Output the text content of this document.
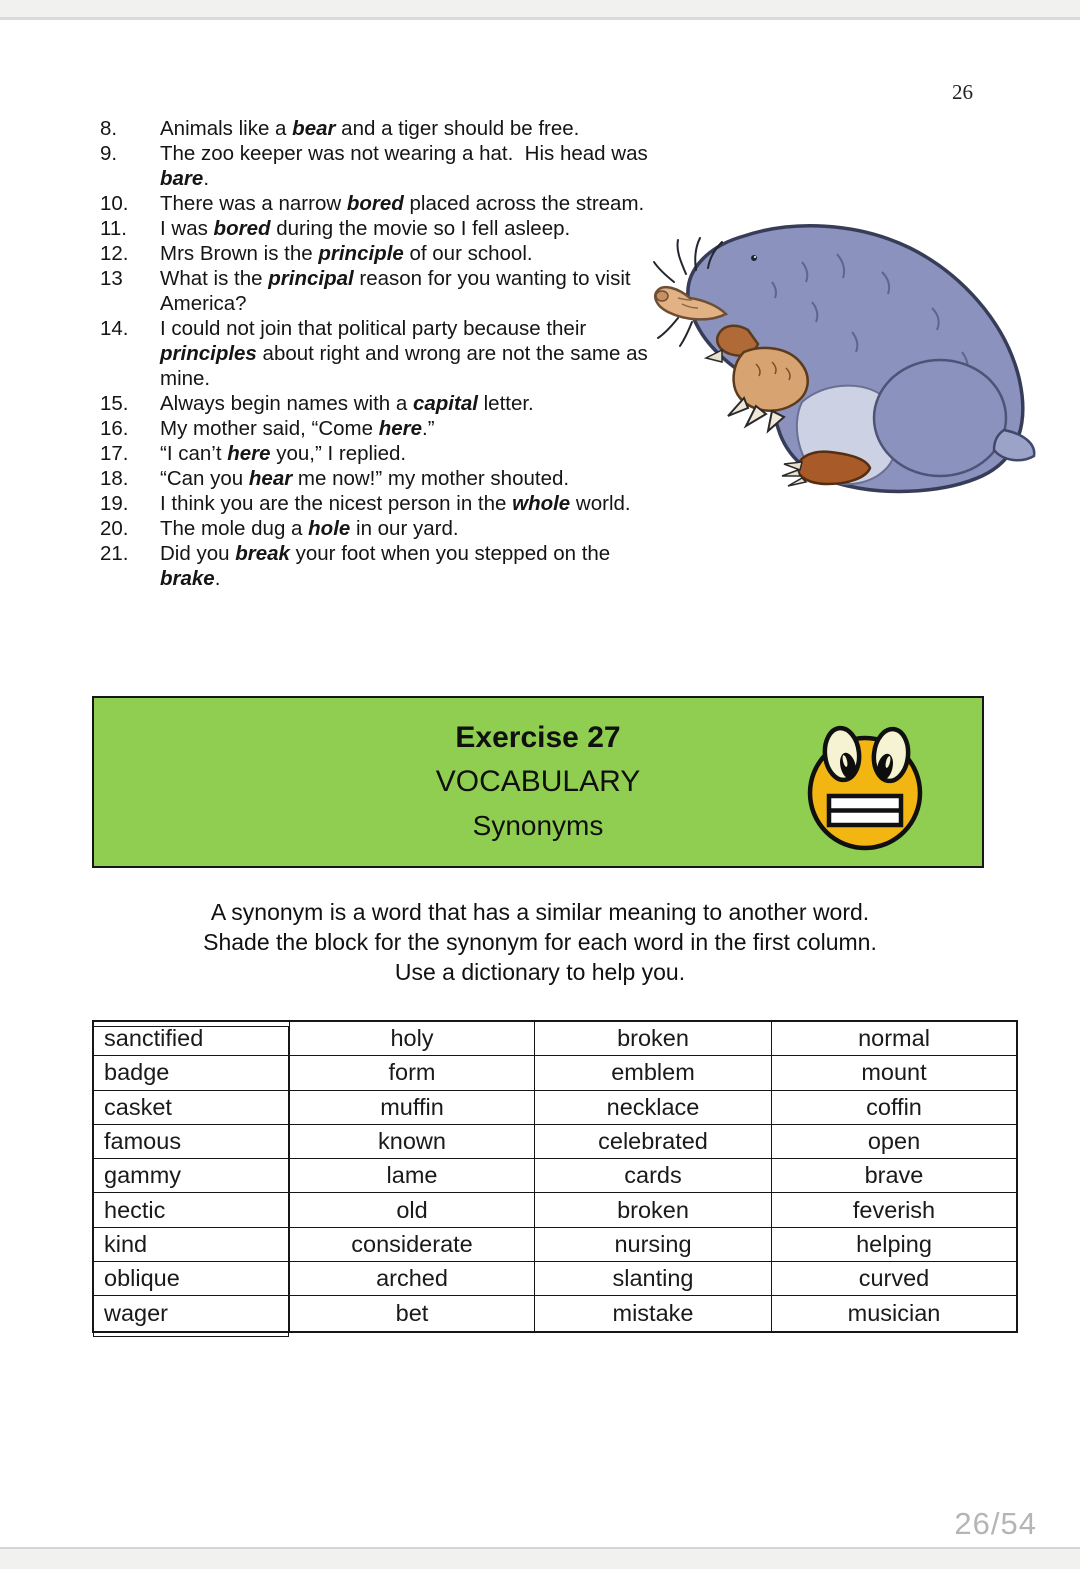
26
8.	Animals like a bear and a tiger should be free.
9.	The zoo keeper was not wearing a hat.  His head was bare.
10.	There was a narrow bored placed across the stream.
11.	I was bored during the movie so I fell asleep.
12.	Mrs Brown is the principle of our school.
13	What is the principal reason for you wanting to visit America?
14.	I could not join that political party because their principles about right and wrong are not the same as mine.
15.	Always begin names with a capital letter.
16.	My mother said, “Come here.”
17.	“I can’t here you,” I replied.
18.	“Can you hear me now!” my mother shouted.
19.	I think you are the nicest person in the whole world.
20.	The mole dug a hole in our yard.
21.	Did you break your foot when you stepped on the brake.
Exercise 27
VOCABULARY
Synonyms
A synonym is a word that has a similar meaning to another word.
Shade the block for the synonym for each word in the first column.
Use a dictionary to help you.
sanctified	holy	broken	normal
badge	form	emblem	mount
casket	muffin	necklace	coffin
famous	known	celebrated	open
gammy	lame	cards	brave
hectic	old	broken	feverish
kind	considerate	nursing	helping
oblique	arched	slanting	curved
wager	bet	mistake	musician
26/54
